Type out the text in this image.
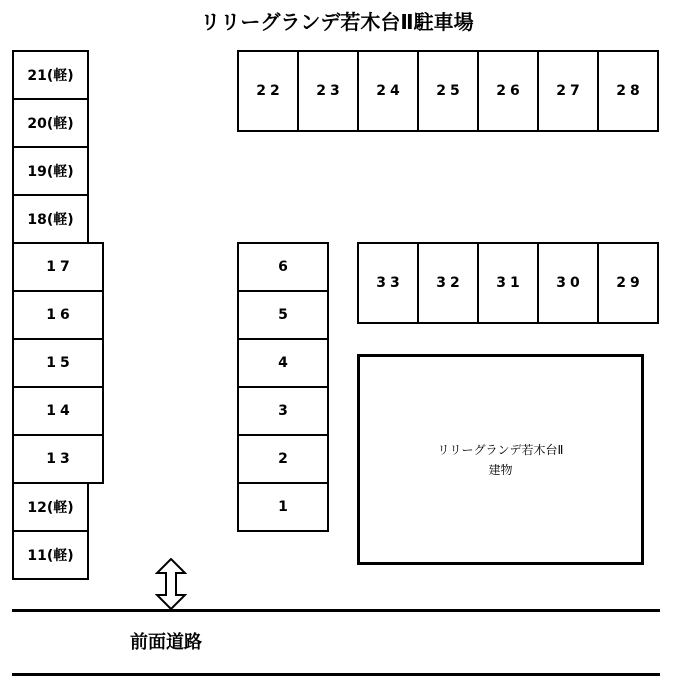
リリーグランデ若木台Ⅱ駐車場
21(軽)
20(軽)
19(軽)
18(軽)
17
16
15
14
13
12(軽)
11(軽)
6
5
4
3
2
1
22 23 24 25 26 27 28
33 32 31 30 29
リリーグランデ若木台Ⅱ
建物
前面道路
